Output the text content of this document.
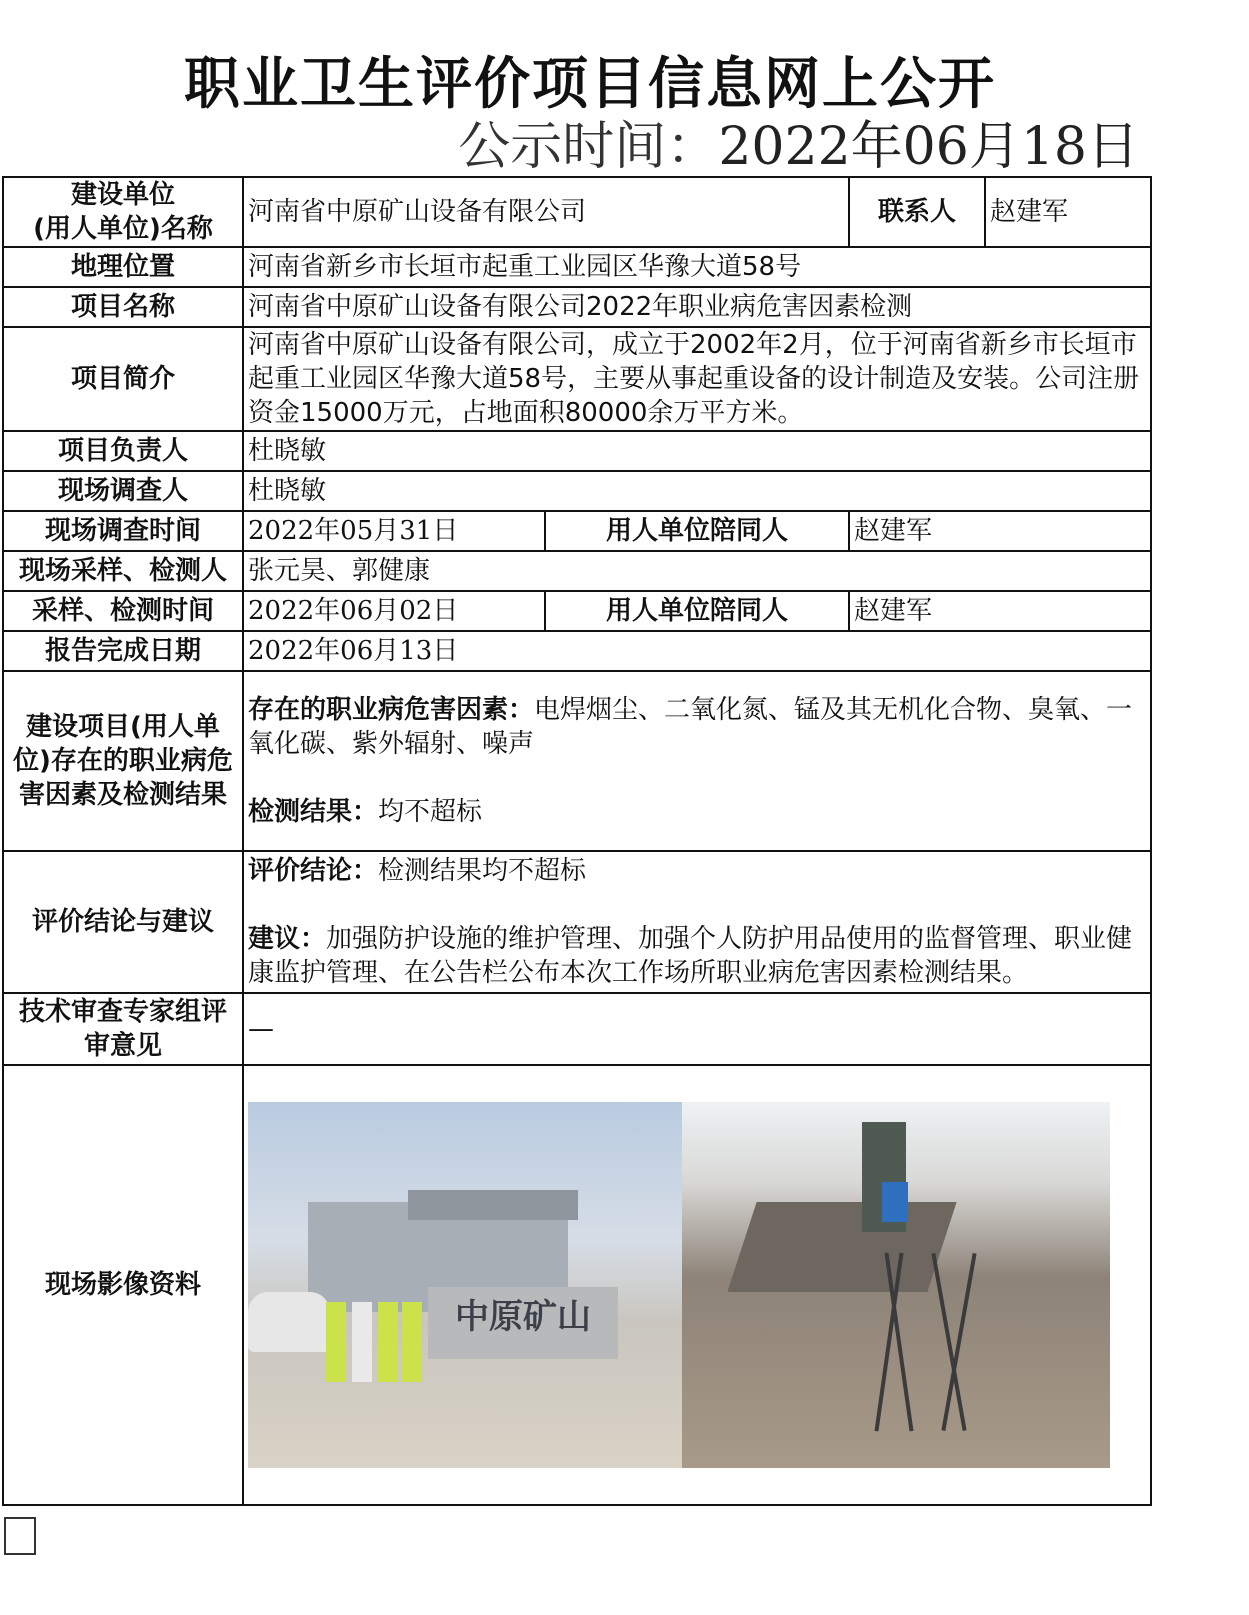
职业卫生评价项目信息网上公开
公示时间：2022年06月18日
建设单位
(用人单位)名称	河南省中原矿山设备有限公司		联系人	赵建军
地理位置	河南省新乡市长垣市起重工业园区华豫大道58号			
项目名称	河南省中原矿山设备有限公司2022年职业病危害因素检测			
项目简介	河南省中原矿山设备有限公司，成立于2002年2月，位于河南省新乡市长垣市起重工业园区华豫大道58号，主要从事起重设备的设计制造及安装。公司注册资金15000万元，占地面积80000余万平方米。			
项目负责人	杜晓敏			
现场调查人	杜晓敏			
现场调查时间	2022年05月31日	用人单位陪同人	赵建军	
现场采样、检测人	张元昊、郭健康			
采样、检测时间	2022年06月02日	用人单位陪同人	赵建军	
报告完成日期	2022年06月13日			
建设项目(用人单位)存在的职业病危害因素及检测结果	存在的职业病危害因素：电焊烟尘、二氧化氮、锰及其无机化合物、臭氧、一氧化碳、紫外辐射、噪声
检测结果：均不超标			

评价结论与建议	评价结论：检测结果均不超标
建议：加强防护设施的维护管理、加强个人防护用品使用的监督管理、职业健康监护管理、在公告栏公布本次工作场所职业病危害因素检测结果。			

技术审查专家组评审意见	—			
现场影像资料	中原矿山			
